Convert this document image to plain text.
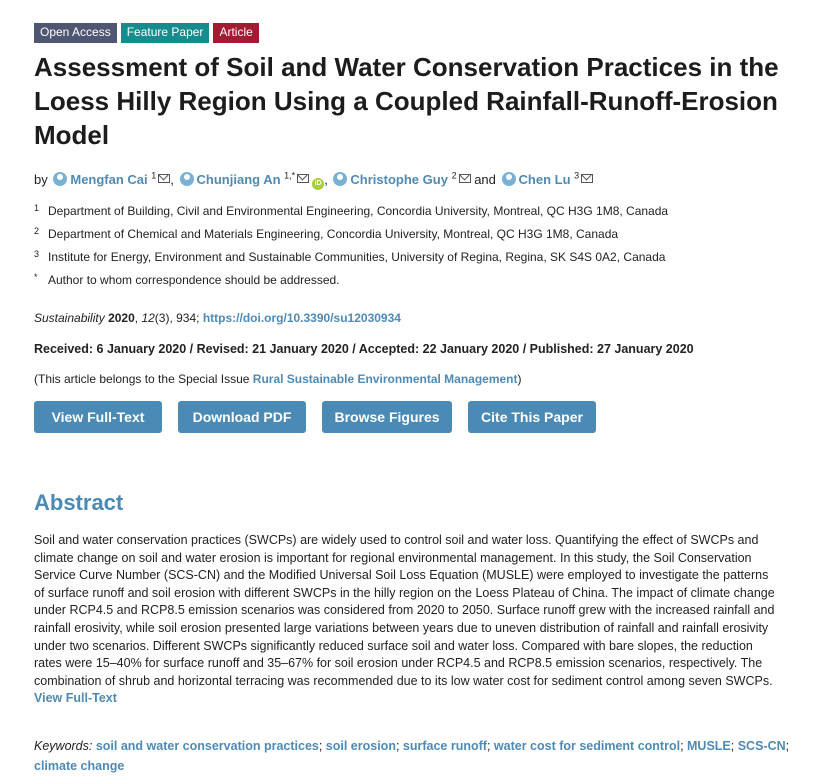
Open Access	Feature Paper	Article
Assessment of Soil and Water Conservation Practices in the Loess Hilly Region Using a Coupled Rainfall-Runoff-Erosion Model
by Mengfan Cai $^1$ , Chunjiang An $^{1,*}$iD , Christophe Guy $^2$ and Chen Lu $^3$
1 Department of Building, Civil and Environmental Engineering, Concordia University, Montreal, QC H3G 1M8, Canada
2 Department of Chemical and Materials Engineering, Concordia University, Montreal, QC H3G 1M8, Canada
3 Institute for Energy, Environment and Sustainable Communities, University of Regina, Regina, SK S4S 0A2, Canada
* Author to whom correspondence should be addressed.
Sustainability 2020, 12(3), 934; https://doi.org/10.3390/su12030934
Received: 6 January 2020 / Revised: 21 January 2020 / Accepted: 22 January 2020 / Published: 27 January 2020
(This article belongs to the Special Issue Rural Sustainable Environmental Management)
View Full-Text	Download PDF	Browse Figures	Cite This Paper
Abstract
Soil and water conservation practices (SWCPs) are widely used to control soil and water loss. Quantifying the effect of SWCPs and climate change on soil and water erosion is important for regional environmental management. In this study, the Soil Conservation Service Curve Number (SCS-CN) and the Modified Universal Soil Loss Equation (MUSLE) were employed to investigate the patterns of surface runoff and soil erosion with different SWCPs in the hilly region on the Loess Plateau of China. The impact of climate change under RCP4.5 and RCP8.5 emission scenarios was considered from 2020 to 2050. Surface runoff grew with the increased rainfall and rainfall erosivity, while soil erosion presented large variations between years due to uneven distribution of rainfall and rainfall erosivity under two scenarios. Different SWCPs significantly reduced surface soil and water loss. Compared with bare slopes, the reduction rates were 15–40% for surface runoff and 35–67% for soil erosion under RCP4.5 and RCP8.5 emission scenarios, respectively. The combination of shrub and horizontal terracing was recommended due to its low water cost for sediment control among seven SWCPs. View Full-Text
Keywords: soil and water conservation practices; soil erosion; surface runoff; water cost for sediment control; MUSLE; SCS-CN; climate change
